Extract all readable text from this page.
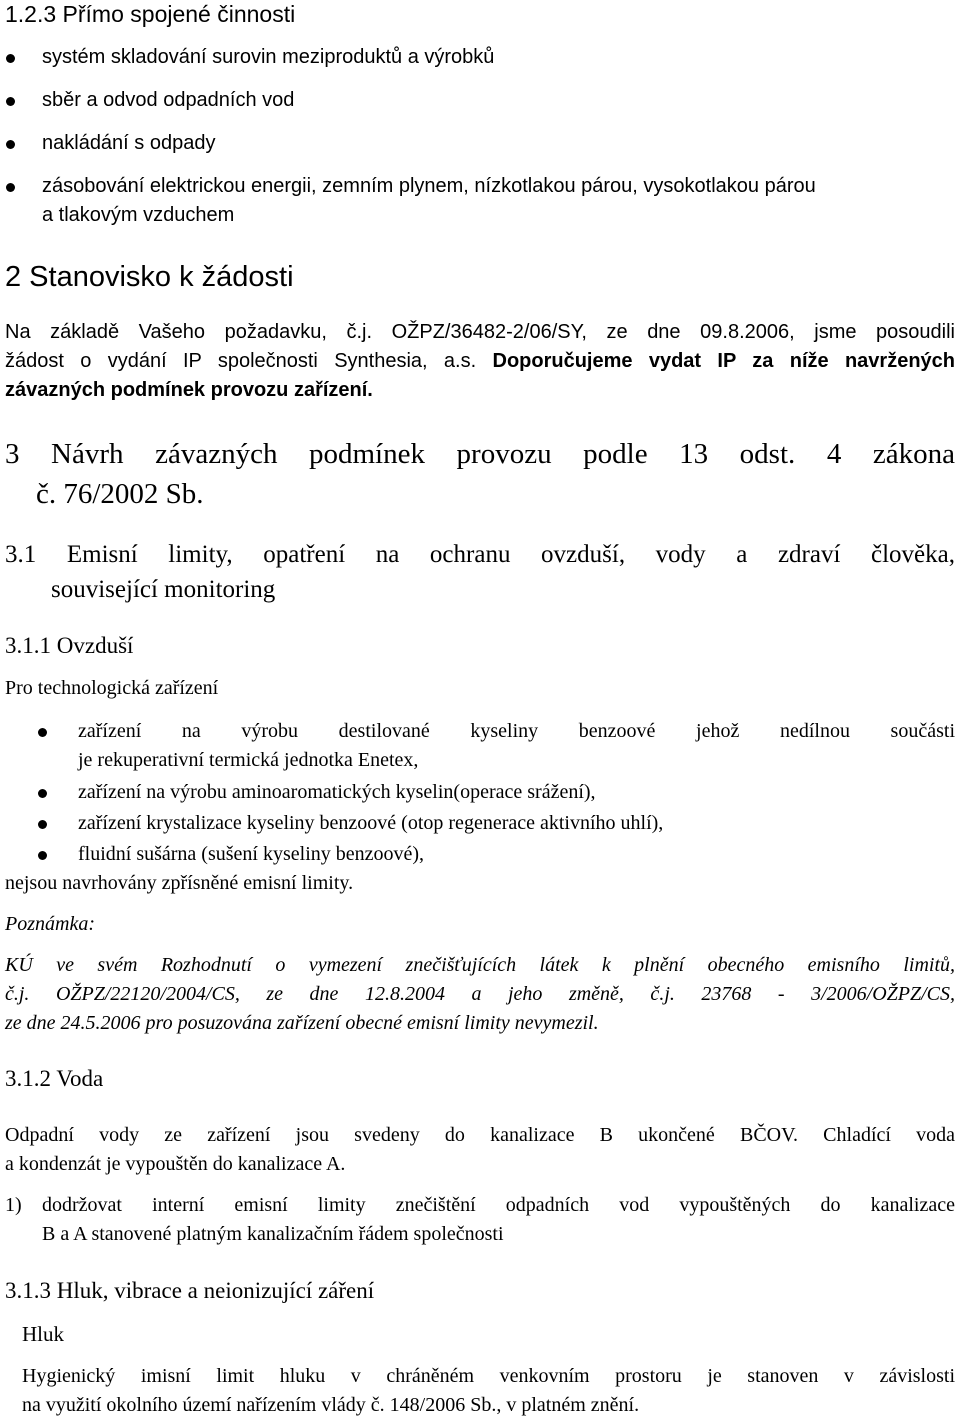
1.2.3 Přímo spojené činnosti
systém skladování surovin meziproduktů a výrobků
sběr a odvod odpadních vod
nakládání s odpady
zásobování elektrickou energii, zemním plynem, nízkotlakou párou, vysokotlakou párou
a tlakovým vzduchem
2 Stanovisko k žádosti
Na základě Vašeho požadavku, č.j. OŽPZ/36482-2/06/SY, ze dne 09.8.2006, jsme posoudili
žádost o vydání IP společnosti Synthesia, a.s. Doporučujeme vydat IP za níže navržených
závazných podmínek provozu zařízení.
3 Návrh závazných podmínek provozu podle 13 odst. 4 zákona
č. 76/2002 Sb.
3.1 Emisní limity, opatření na ochranu ovzduší, vody a zdraví člověka,
související monitoring
3.1.1 Ovzduší
Pro technologická zařízení
zařízení na výrobu destilované kyseliny benzoové jehož nedílnou součásti
je rekuperativní termická jednotka Enetex,
zařízení na výrobu aminoaromatických kyselin(operace srážení),
zařízení krystalizace kyseliny benzoové (otop regenerace aktivního uhlí),
fluidní sušárna (sušení kyseliny benzoové),
nejsou navrhovány zpřísněné emisní limity.
Poznámka:
KÚ ve svém Rozhodnutí o vymezení znečišťujících látek k plnění obecného emisního limitů,
č.j. OŽPZ/22120/2004/CS, ze dne 12.8.2004 a jeho změně, č.j. 23768 - 3/2006/OŽPZ/CS,
ze dne 24.5.2006 pro posuzována zařízení obecné emisní limity nevymezil.
3.1.2 Voda
Odpadní vody ze zařízení jsou svedeny do kanalizace B ukončené BČOV. Chladící voda
a kondenzát je vypouštěn do kanalizace A.
1)	dodržovat interní emisní limity znečištění odpadních vod vypouštěných do kanalizace
B a A stanovené platným kanalizačním řádem společnosti
3.1.3 Hluk, vibrace a neionizující záření
Hluk
Hygienický imisní limit hluku v chráněném venkovním prostoru je stanoven v závislosti
na využití okolního území nařízením vlády č. 148/2006 Sb., v platném znění.
